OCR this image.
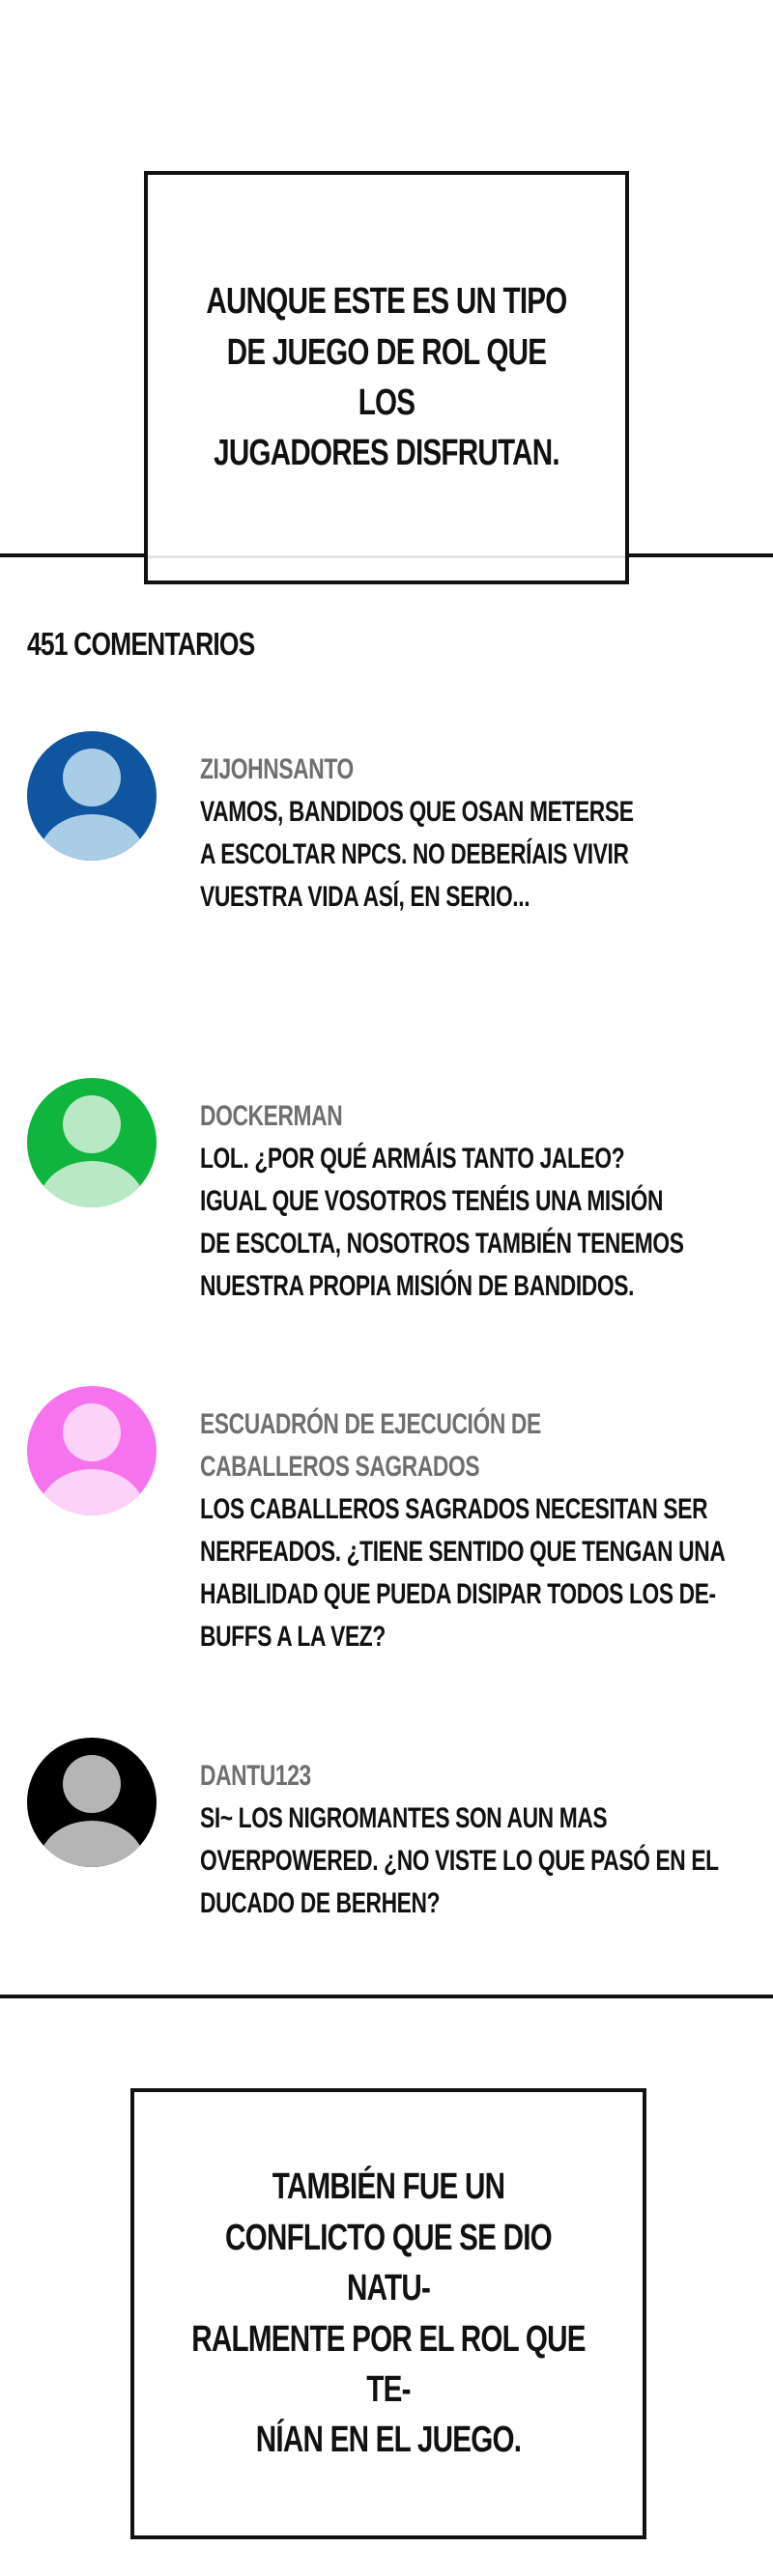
AUNQUE ESTE ES UN TIPO
DE JUEGO DE ROL QUE LOS
JUGADORES DISFRUTAN.
451 COMENTARIOS
ZIJOHNSANTO
VAMOS, BANDIDOS QUE OSAN METERSE
A ESCOLTAR NPCS. NO DEBERÍAIS VIVIR
VUESTRA VIDA ASÍ, EN SERIO...
DOCKERMAN
LOL. ¿POR QUÉ ARMÁIS TANTO JALEO?
IGUAL QUE VOSOTROS TENÉIS UNA MISIÓN
DE ESCOLTA, NOSOTROS TAMBIÉN TENEMOS
NUESTRA PROPIA MISIÓN DE BANDIDOS.
ESCUADRÓN DE EJECUCIÓN DE
CABALLEROS SAGRADOS
LOS CABALLEROS SAGRADOS NECESITAN SER
NERFEADOS. ¿TIENE SENTIDO QUE TENGAN UNA
HABILIDAD QUE PUEDA DISIPAR TODOS LOS DE-
BUFFS A LA VEZ?
DANTU123
SI~ LOS NIGROMANTES SON AUN MAS
OVERPOWERED. ¿NO VISTE LO QUE PASÓ EN EL
DUCADO DE BERHEN?
TAMBIÉN FUE UN
CONFLICTO QUE SE DIO NATU-
RALMENTE POR EL ROL QUE TE-
NÍAN EN EL JUEGO.
